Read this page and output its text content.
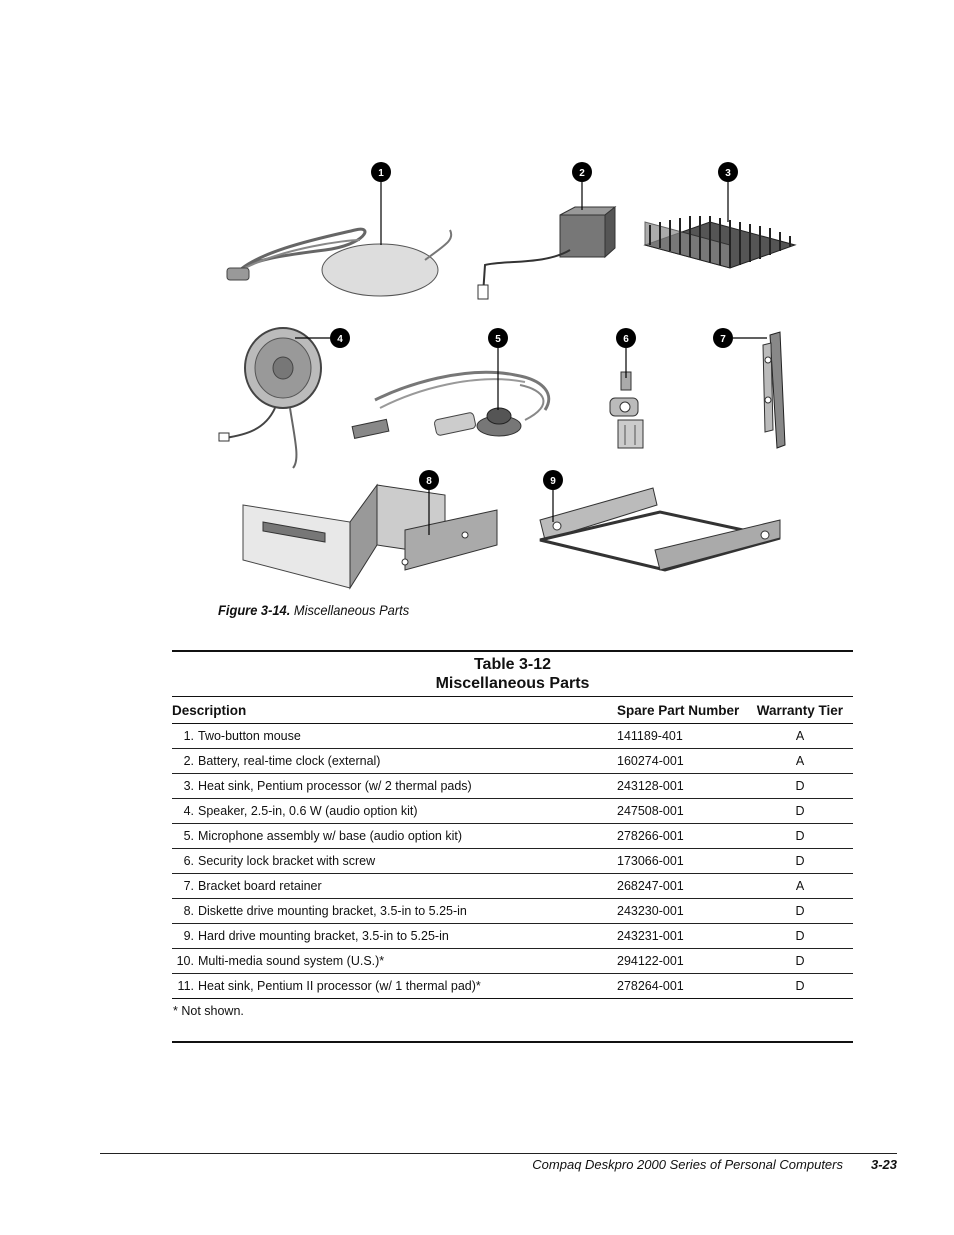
1	2	3
4	5	6	7
8	9
Figure 3-14. Miscellaneous Parts
Table 3-12
Miscellaneous Parts		

Description	Spare Part Number	Warranty Tier
1. Two-button mouse	141189-401	A
2. Battery, real-time clock (external)	160274-001	A
3. Heat sink, Pentium processor (w/ 2 thermal pads)	243128-001	D
4. Speaker, 2.5-in, 0.6 W (audio option kit)	247508-001	D
5. Microphone assembly w/ base (audio option kit)	278266-001	D
6. Security lock bracket with screw	173066-001	D
7. Bracket board retainer	268247-001	A
8. Diskette drive mounting bracket, 3.5-in to 5.25-in	243230-001	D
9. Hard drive mounting bracket, 3.5-in to 5.25-in	243231-001	D
10. Multi-media sound system (U.S.)*	294122-001	D
11. Heat sink, Pentium II processor (w/ 1 thermal pad)*	278264-001	D
* Not shown.		
Compaq Deskpro 2000 Series of Personal Computers 3-23
